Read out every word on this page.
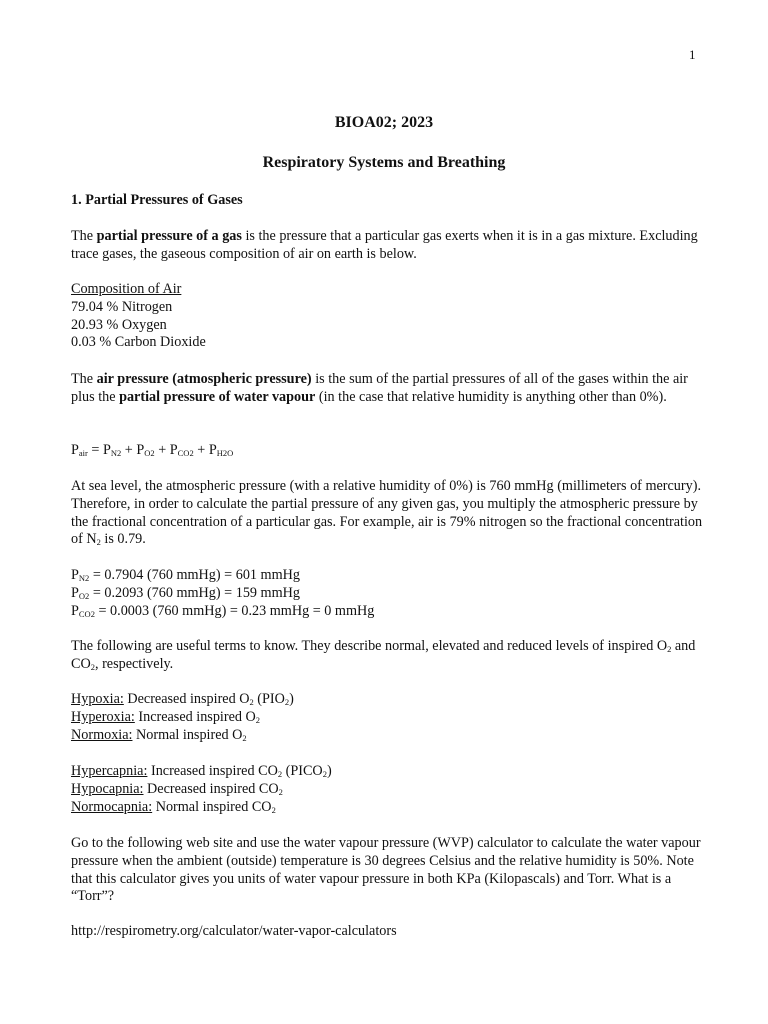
1
BIOA02; 2023
Respiratory Systems and Breathing
1. Partial Pressures of Gases

The partial pressure of a gas is the pressure that a particular gas exerts when it is in a gas mixture. Excluding trace gases, the gaseous composition of air on earth is below.

Composition of Air

79.04 % Nitrogen

20.93 % Oxygen

0.03 % Carbon Dioxide

The air pressure (atmospheric pressure) is the sum of the partial pressures of all of the gases within the air plus the partial pressure of water vapour (in the case that relative humidity is anything other than 0%).

$P_{air} = P_{N2} + P_{O2} + P_{CO2} + P_{H2O}$

At sea level, the atmospheric pressure (with a relative humidity of 0%) is 760 mmHg (millimeters of mercury). Therefore, in order to calculate the partial pressure of any given gas, you multiply the atmospheric pressure by the fractional concentration of a particular gas. For example, air is 79% nitrogen so the fractional concentration of $N_2$ is 0.79.

$P_{N2} = 0.7904$ (760 mmHg) = 601 mmHg

$P_{O2} = 0.2093$ (760 mmHg) = 159 mmHg

$P_{CO2} = 0.0003$ (760 mmHg) = 0.23 mmHg = 0 mmHg

The following are useful terms to know. They describe normal, elevated and reduced levels of inspired $O_2$ and $CO_2$, respectively.

Hypoxia: Decreased inspired $O_2$ $(PIO_2)$

Hyperoxia: Increased inspired $O_2$

Normoxia: Normal inspired $O_2$

Hypercapnia: Increased inspired $CO_2$ $(PICO_2)$

Hypocapnia: Decreased inspired $CO_2$

Normocapnia: Normal inspired $CO_2$

Go to the following web site and use the water vapour pressure (WVP) calculator to calculate the water vapour pressure when the ambient (outside) temperature is 30 degrees Celsius and the relative humidity is 50%. Note that this calculator gives you units of water vapour pressure in both KPa (Kilopascals) and Torr. What is a “Torr”?
http://respirometry.org/calculator/water-vapor-calculators
